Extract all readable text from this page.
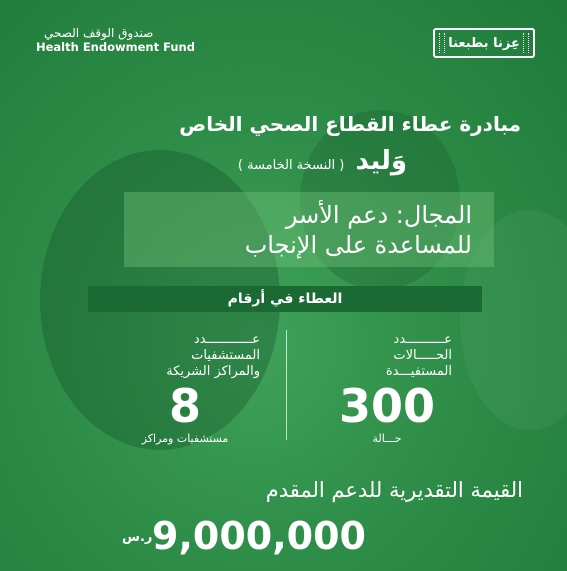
صندوق الوقف الصحي
Health Endowment Fund	عِزنا بطبعنا
مبادرة عطاء القطاع الصحي الخاص
وَليد ( النسخة الخامسة )
المجال: دعم الأسر
للمساعدة على الإنجاب
العطاء في أرقام
عــــــــــدد
الحـــــالات
المستفيـــدة
300
حـــالة
عــــــــــــدد
المستشفيات
والمراكز الشريكة
8
مستشفيات ومراكز
القيمة التقديرية للدعم المقدم
ر.س 9,000,000
